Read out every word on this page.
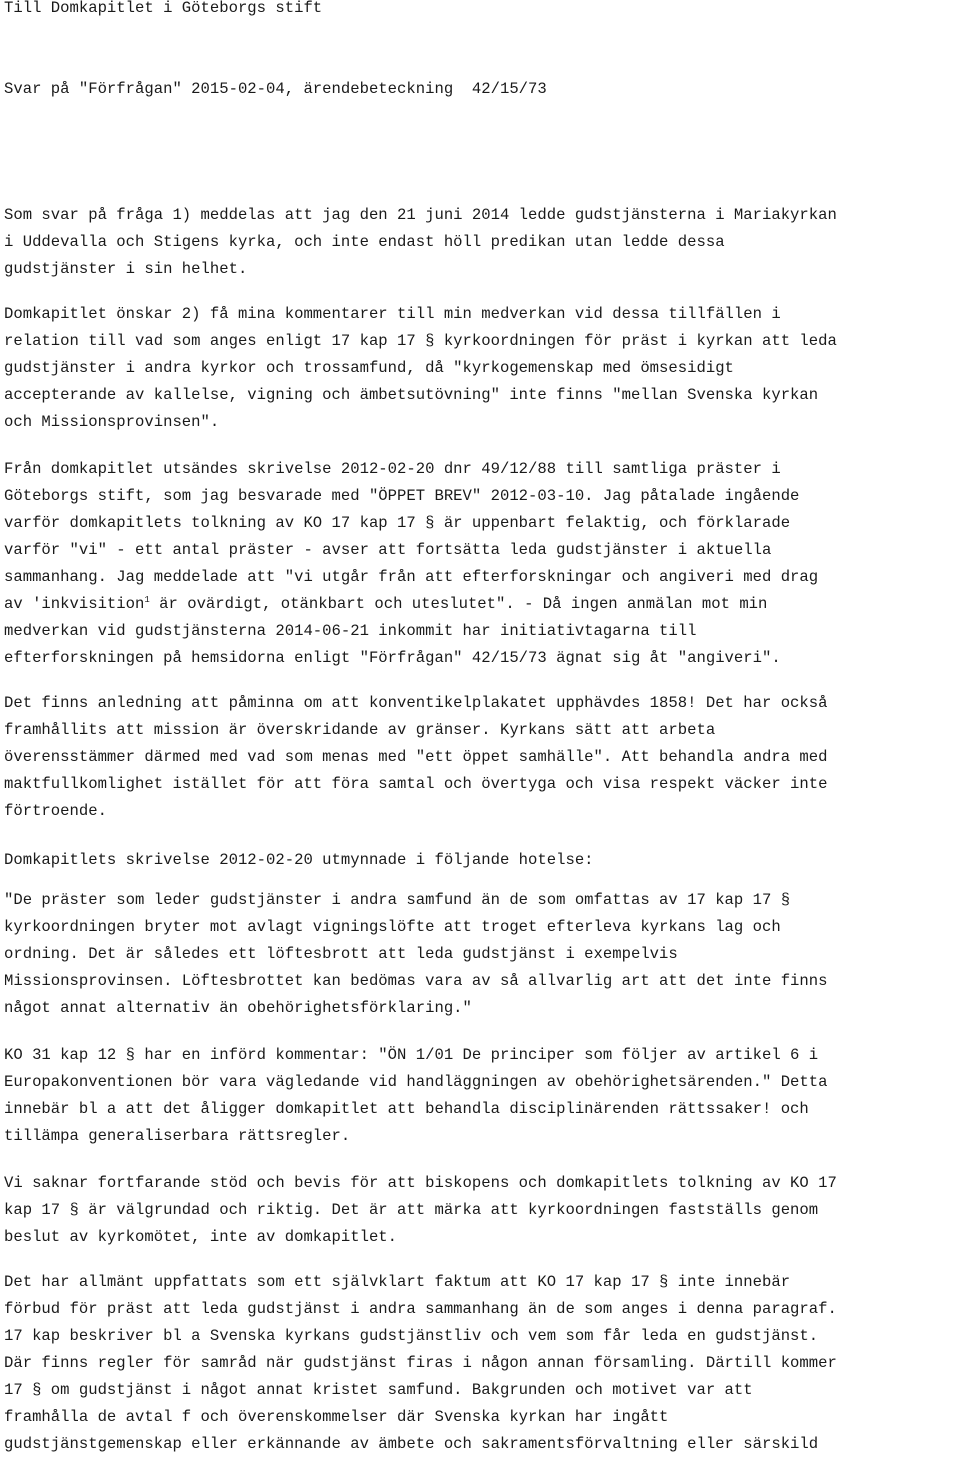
Till Domkapitlet i Göteborgs stift
Svar på "Förfrågan" 2015-02-04, ärendebeteckning  42/15/73
Som svar på fråga 1) meddelas att jag den 21 juni 2014 ledde gudstjänsterna i Mariakyrkan
i Uddevalla och Stigens kyrka, och inte endast höll predikan utan ledde dessa
gudstjänster i sin helhet.
Domkapitlet önskar 2) få mina kommentarer till min medverkan vid dessa tillfällen i
relation till vad som anges enligt 17 kap 17 § kyrkoordningen för präst i kyrkan att leda
gudstjänster i andra kyrkor och trossamfund, då "kyrkogemenskap med ömsesidigt
accepterande av kallelse, vigning och ämbetsutövning" inte finns "mellan Svenska kyrkan
och Missionsprovinsen".
Från domkapitlet utsändes skrivelse 2012-02-20 dnr 49/12/88 till samtliga präster i
Göteborgs stift, som jag besvarade med "ÖPPET BREV" 2012-03-10. Jag påtalade ingående
varför domkapitlets tolkning av KO 17 kap 17 § är uppenbart felaktig, och förklarade
varför "vi" - ett antal präster - avser att fortsätta leda gudstjänster i aktuella
sammanhang. Jag meddelade att "vi utgår från att efterforskningar och angiveri med drag
av 'inkvisition$^1$ är ovärdigt, otänkbart och uteslutet". - Då ingen anmälan mot min
medverkan vid gudstjänsterna 2014-06-21 inkommit har initiativtagarna till
efterforskningen på hemsidorna enligt "Förfrågan" 42/15/73 ägnat sig åt "angiveri".
Det finns anledning att påminna om att konventikelplakatet upphävdes 1858! Det har också
framhållits att mission är överskridande av gränser. Kyrkans sätt att arbeta
överensstämmer därmed med vad som menas med "ett öppet samhälle". Att behandla andra med
maktfullkomlighet istället för att föra samtal och övertyga och visa respekt väcker inte
förtroende.
Domkapitlets skrivelse 2012-02-20 utmynnade i följande hotelse:
"De präster som leder gudstjänster i andra samfund än de som omfattas av 17 kap 17 §
kyrkoordningen bryter mot avlagt vigningslöfte att troget efterleva kyrkans lag och
ordning. Det är således ett löftesbrott att leda gudstjänst i exempelvis
Missionsprovinsen. Löftesbrottet kan bedömas vara av så allvarlig art att det inte finns
något annat alternativ än obehörighetsförklaring."
KO 31 kap 12 § har en införd kommentar: "ÖN 1/01 De principer som följer av artikel 6 i
Europakonventionen bör vara vägledande vid handläggningen av obehörighetsärenden." Detta
innebär bl a att det åligger domkapitlet att behandla disciplinärenden rättssaker! och
tillämpa generaliserbara rättsregler.
Vi saknar fortfarande stöd och bevis för att biskopens och domkapitlets tolkning av KO 17
kap 17 § är välgrundad och riktig. Det är att märka att kyrkoordningen fastställs genom
beslut av kyrkomötet, inte av domkapitlet.
Det har allmänt uppfattats som ett självklart faktum att KO 17 kap 17 § inte innebär
förbud för präst att leda gudstjänst i andra sammanhang än de som anges i denna paragraf.
17 kap beskriver bl a Svenska kyrkans gudstjänstliv och vem som får leda en gudstjänst.
Där finns regler för samråd när gudstjänst firas i någon annan församling. Därtill kommer
17 § om gudstjänst i något annat kristet samfund. Bakgrunden och motivet var att
framhålla de avtal f och överenskommelser där Svenska kyrkan har ingått
gudstjänstgemenskap eller erkännande av ämbete och sakramentsförvaltning eller särskild
